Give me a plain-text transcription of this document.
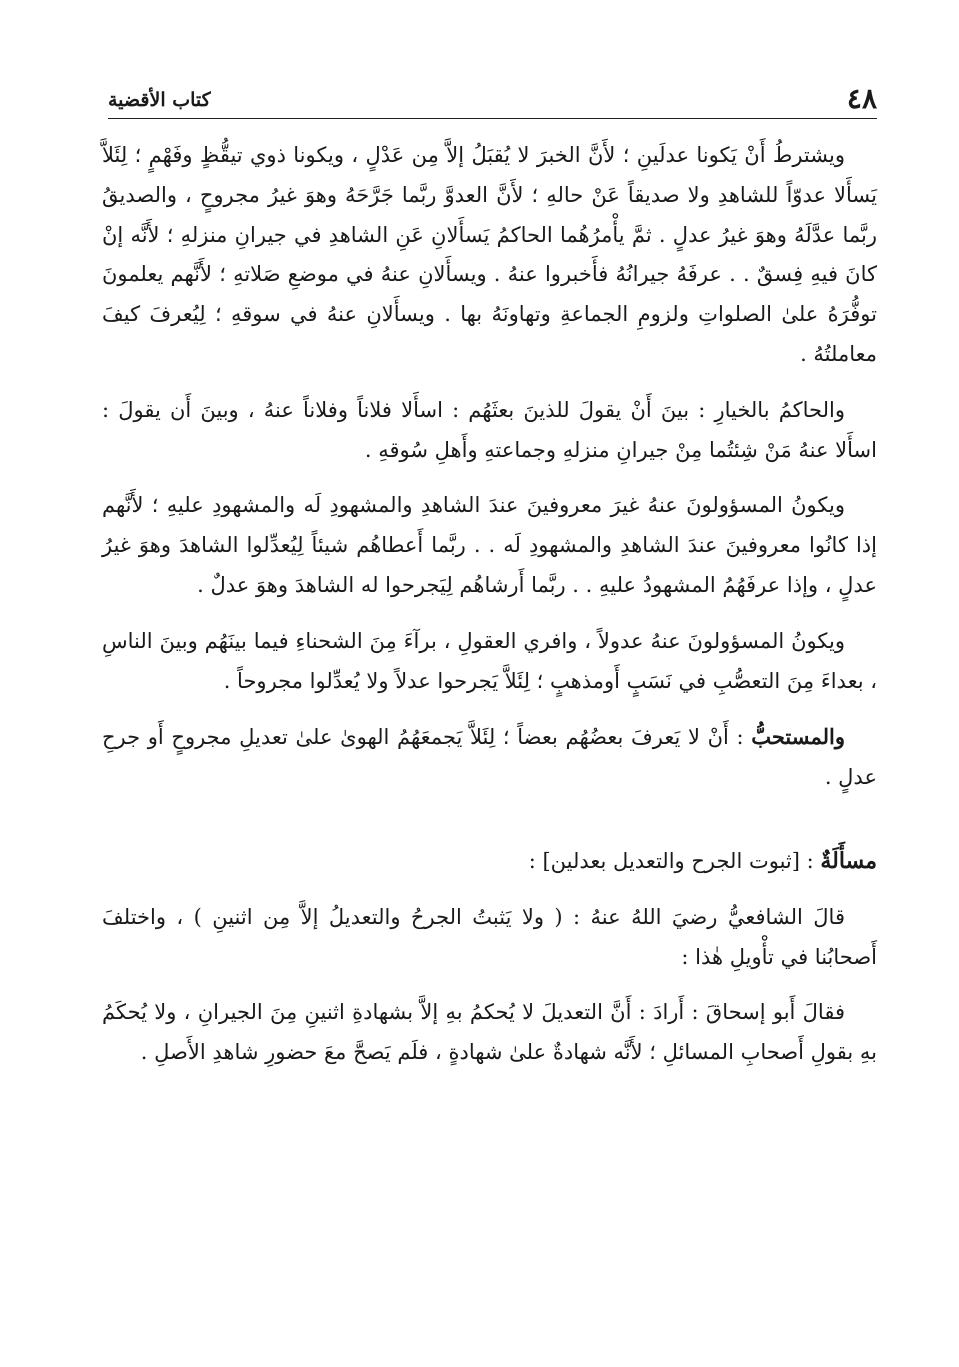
٤٨
كتاب الأقضية

ويشترطُ أَنْ يَكونا عدلَينِ ؛ لأَنَّ الخبرَ لا يُقبَلُ إلاَّ مِن عَدْلٍ ، ويكونا ذوي تيقُّظٍ وفَهْمٍ ؛ لِئَلاَّ يَسأَلا عدوّاً للشاهدِ ولا صديقاً عَنْ حالهِ ؛ لأَنَّ العدوَّ ربَّما جَرَّحَهُ وهوَ غيرُ مجروحٍ ، والصديقُ ربَّما عدَّلَهُ وهوَ غيرُ عدلٍ . ثمَّ يأْمرُهُما الحاكمُ يَسأَلانِ عَنِ الشاهدِ في جيرانِ منزلهِ ؛ لأَنَّه إنْ كانَ فيهِ فِسقٌ . . عرفَهُ جيرانُهُ فأَخبروا عنهُ . ويسأَلانِ عنهُ في موضعِ صَلاتهِ ؛ لأَنَّهم يعلمونَ توفُّرَهُ علىٰ الصلواتِ ولزومِ الجماعةِ وتهاونَهُ بها . ويسأَلانِ عنهُ في سوقهِ ؛ لِيُعرفَ كيفَ معاملتُهُ .

والحاكمُ بالخيارِ : بينَ أَنْ يقولَ للذينَ بعثَهُم : اسأَلا فلاناً وفلاناً عنهُ ، وبينَ أَن يقولَ : اسأَلا عنهُ مَنْ شِئتُما مِنْ جيرانِ منزلهِ وجماعتهِ وأَهلِ سُوقهِ .

ويكونُ المسؤولونَ عنهُ غيرَ معروفينَ عندَ الشاهدِ والمشهودِ لَه والمشهودِ عليهِ ؛ لأَنَّهم إذا كانُوا معروفينَ عندَ الشاهدِ والمشهودِ لَه . . ربَّما أَعطاهُم شيئاً لِيُعدِّلوا الشاهدَ وهوَ غيرُ عدلٍ ، وإذا عرفَهُمُ المشهودُ عليهِ . . ربَّما أَرشاهُم لِيَجرحوا له الشاهدَ وهوَ عدلٌ .

ويكونُ المسؤولونَ عنهُ عدولاً ، وافري العقولِ ، برآءَ مِنَ الشحناءِ فيما بينَهُم وبينَ الناسِ ، بعداءَ مِنَ التعصُّبِ في نَسَبٍ أَومذهبٍ ؛ لِئَلاَّ يَجرحوا عدلاً ولا يُعدِّلوا مجروحاً .

والمستحبُّ : أَنْ لا يَعرفَ بعضُهُم بعضاً ؛ لِئَلاَّ يَجمعَهُمُ الهوىٰ علىٰ تعديلِ مجروحٍ أَو جرحِ عدلٍ .

مسأَلَةٌ : [ثبوت الجرح والتعديل بعدلين] :

قالَ الشافعيُّ رضيَ اللهُ عنهُ : ( ولا يَثبتُ الجرحُ والتعديلُ إلاَّ مِن اثنينِ ) ، واختلفَ أَصحابُنا في تأْويلِ هٰذا :

فقالَ أَبو إسحاقَ : أَرادَ : أَنَّ التعديلَ لا يُحكمُ بهِ إلاَّ بشهادةِ اثنينِ مِنَ الجيرانِ ، ولا يُحكَمُ بهِ بقولِ أَصحابِ المسائلِ ؛ لأَنَّه شهادةٌ علىٰ شهادةٍ ، فلَم يَصحَّ معَ حضورِ شاهدِ الأَصلِ .
